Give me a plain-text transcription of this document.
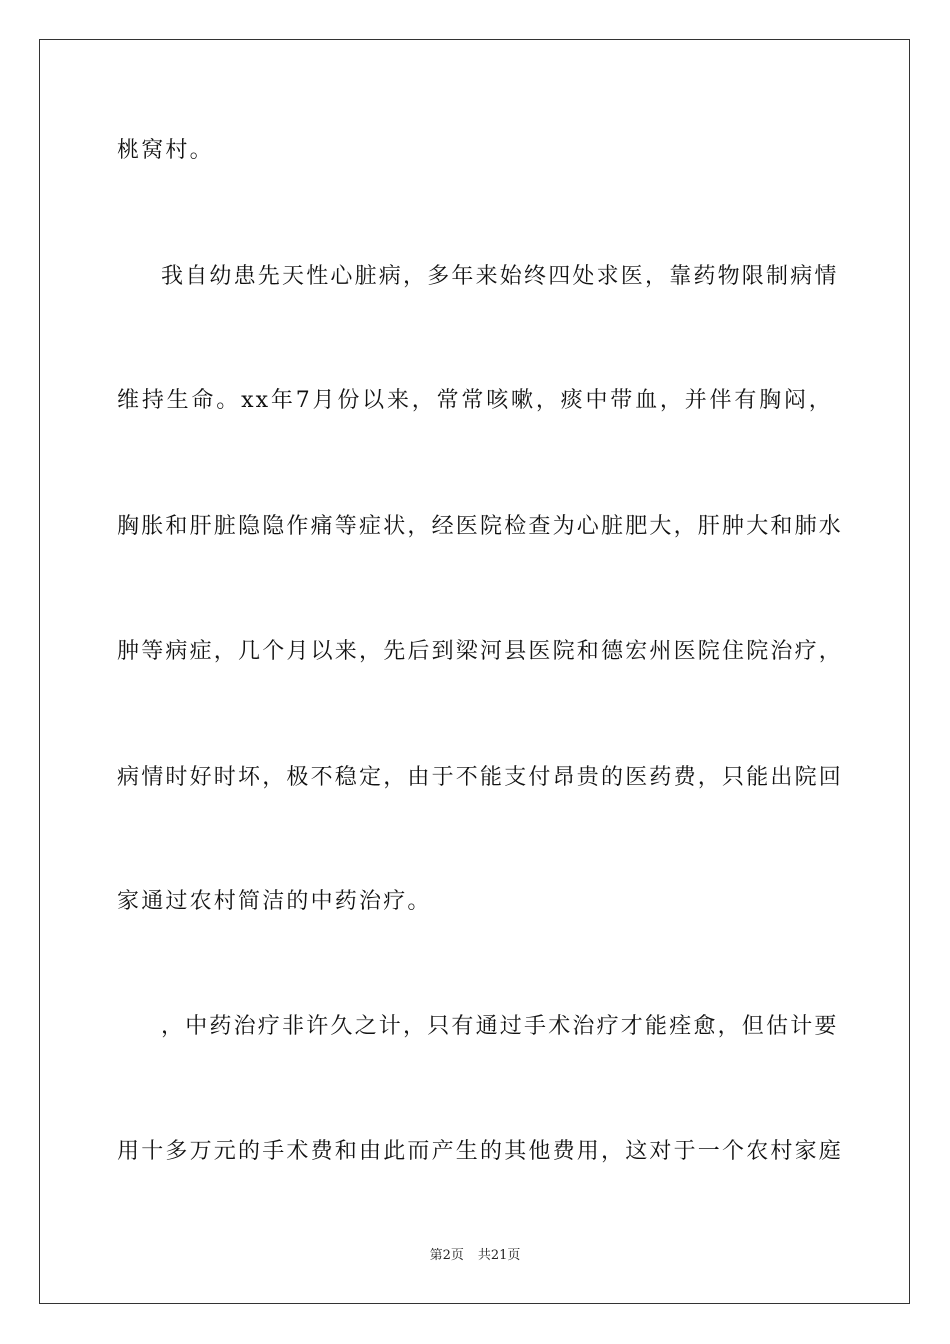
桃窝村。
我自幼患先天性心脏病，多年来始终四处求医，靠药物限制病情
维持生命。xx年7月份以来，常常咳嗽，痰中带血，并伴有胸闷，
胸胀和肝脏隐隐作痛等症状，经医院检查为心脏肥大，肝肿大和肺水
肿等病症，几个月以来，先后到梁河县医院和德宏州医院住院治疗，
病情时好时坏，极不稳定，由于不能支付昂贵的医药费，只能出院回
家通过农村简洁的中药治疗。
，中药治疗非许久之计，只有通过手术治疗才能痊愈，但估计要
用十多万元的手术费和由此而产生的其他费用，这对于一个农村家庭
第2页 共21页
